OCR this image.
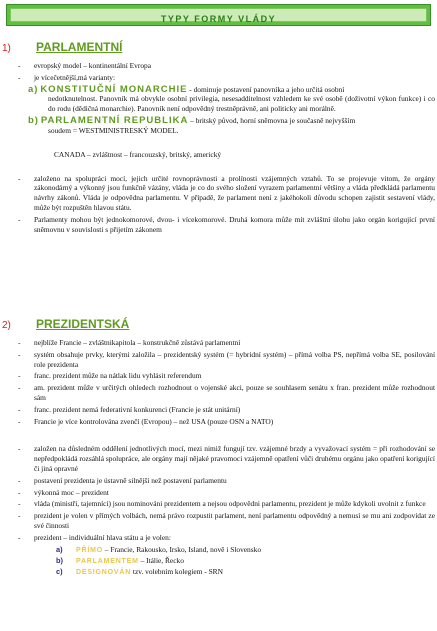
TYPY FORMY VLÁDY
1) PARLAMENTNÍ
- evropský model – kontinentální Evropa
- je vícečetnější,má varianty:
a) KONSTITUČNÍ MONARCHIE - dominuje postavení panovníka a jeho určitá osobní
nedotknutelnost. Panovník má obvykle osobní privilegia, nesesadditelnost vzhledem ke své osobě (doživotní výkon funkce) i co do rodu (dědičná monarchie). Panovník není odpovědný trestněprávně, ani politicky ani morálně.
b) PARLAMENTNÍ REPUBLIKA – britský původ, horní sněmovna je současně nejvyšším
soudem = WESTMINISTRESKÝ MODEL.
CANADA – zvláštnost – francouzský, britský, americký
- založeno na spolupráci mocí, jejich určité rovnoprávnosti a prolínosti vzájemných vztahů. To se projevuje vitom, že orgány zákonodárný a výkonný jsou funkčně vázány, vláda je co do svého složení vyrazem parlamentní většiny a vláda předkládá parlamentu návrhy zákonů. Vláda je odpovědna parlamentu. V případě, že parlament není z jakéhokoli důvodu schopen zajistit sestavení vlády, může být rozpuštěn hlavou státu.
- Parlamenty mohou být jednokomorové, dvou- i vícekomorové. Druhá komora může mít zvláštní úlohu jako orgán korigující první sněmovnu v souvislosti s přijetím zákonem
2) PREZIDENTSKÁ
- nejblíže Francie – zvláštnikapitola – konstrukčně zůstává parlamentní
- systém obsahuje prvky, kterými založila – prezidentský systém (= hybridní systém) – přímá volba PS, nepřímá volba SE, posilování role prezidenta
- franc. prezident může na nátlak lidu vyhlásit referendum
- am. prezident může v určitých ohledech rozhodnout o vojenské akci, pouze se souhlasem senátu x fran. prezident může rozhodnout sám
- franc. prezident nemá federativní konkurenci (Francie je stát unitární)
- Francie je více kontrolována zvenčí (Evropou) – než USA (pouze OSN a NATO)
- založen na důsledném oddělení jednotlivých mocí, mezi nimiž fungují tzv. vzájemné brzdy a vyvažovací systém = při rozhodování se nepředpokládá rozsáhlá spolupráce, ale orgány mají nějaké pravomoci vzájemně opatření vůči druhému orgánu jako opatření korigující či jiná opravné
- postavení prezidenta je ústavně silnější než postavení parlamentu
- výkonná moc – prezident
- vláda (ministři, tajemníci) jsou nominováni prezidentem a nejsou odpovědni parlamentu, prezident je může kdykoli uvolnit z funkce
- prezident je volen v přímých volbách, nemá právo rozpustit parlament, není parlamentu odpovědný a nemusí se mu ani zodpovídat ze své činnosti
- prezident – individuální hlava státu a je volen:
a) PŘÍMO – Francie, Rakousko, Irsko, Island, nově i Slovensko
b) PARLAMENTEM – Itálie, Řecko
c) DESIGNOVÁN tzv. volebním kolegiem - SRN
